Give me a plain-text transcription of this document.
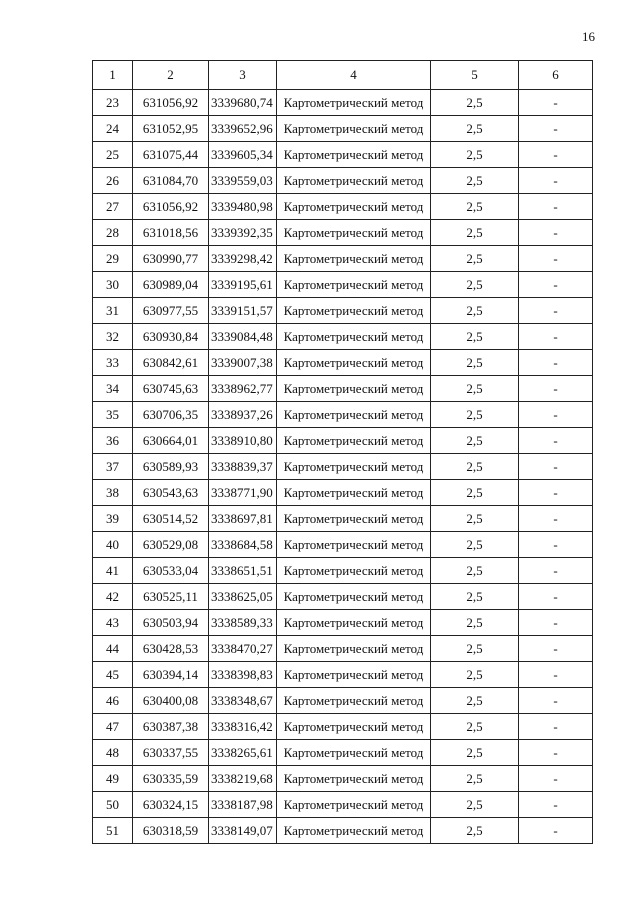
16
1	2	3	4	5	6
23	631056,92	3339680,74	Картометрический метод	2,5	-
24	631052,95	3339652,96	Картометрический метод	2,5	-
25	631075,44	3339605,34	Картометрический метод	2,5	-
26	631084,70	3339559,03	Картометрический метод	2,5	-
27	631056,92	3339480,98	Картометрический метод	2,5	-
28	631018,56	3339392,35	Картометрический метод	2,5	-
29	630990,77	3339298,42	Картометрический метод	2,5	-
30	630989,04	3339195,61	Картометрический метод	2,5	-
31	630977,55	3339151,57	Картометрический метод	2,5	-
32	630930,84	3339084,48	Картометрический метод	2,5	-
33	630842,61	3339007,38	Картометрический метод	2,5	-
34	630745,63	3338962,77	Картометрический метод	2,5	-
35	630706,35	3338937,26	Картометрический метод	2,5	-
36	630664,01	3338910,80	Картометрический метод	2,5	-
37	630589,93	3338839,37	Картометрический метод	2,5	-
38	630543,63	3338771,90	Картометрический метод	2,5	-
39	630514,52	3338697,81	Картометрический метод	2,5	-
40	630529,08	3338684,58	Картометрический метод	2,5	-
41	630533,04	3338651,51	Картометрический метод	2,5	-
42	630525,11	3338625,05	Картометрический метод	2,5	-
43	630503,94	3338589,33	Картометрический метод	2,5	-
44	630428,53	3338470,27	Картометрический метод	2,5	-
45	630394,14	3338398,83	Картометрический метод	2,5	-
46	630400,08	3338348,67	Картометрический метод	2,5	-
47	630387,38	3338316,42	Картометрический метод	2,5	-
48	630337,55	3338265,61	Картометрический метод	2,5	-
49	630335,59	3338219,68	Картометрический метод	2,5	-
50	630324,15	3338187,98	Картометрический метод	2,5	-
51	630318,59	3338149,07	Картометрический метод	2,5	-
